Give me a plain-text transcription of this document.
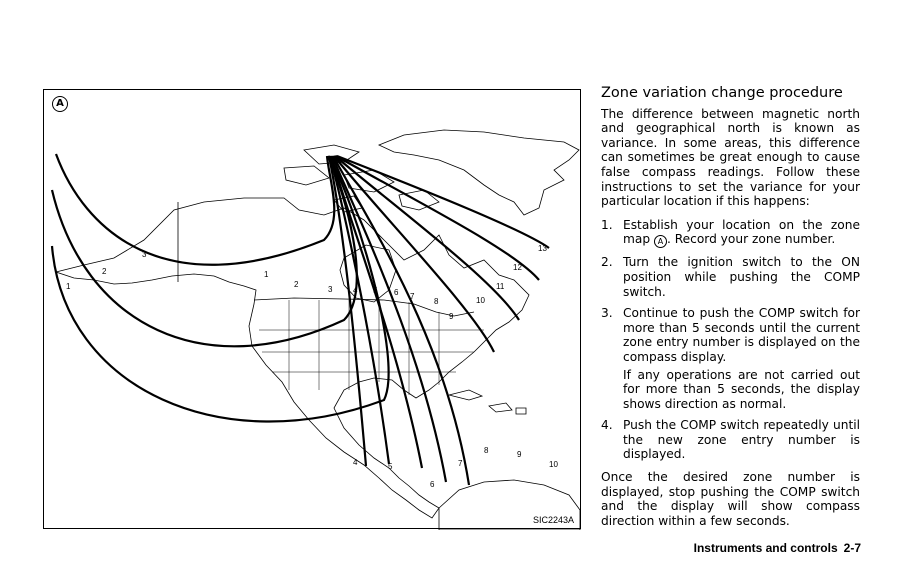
A
1
2
3
1
2
3	4 5 6 7
8
9
10
11
12
13
4	5
6
7
8	9
10
SIC2243A
Zone variation change procedure

The difference between magnetic north and geographical north is known as variance. In some areas, this difference can sometimes be great enough to cause false compass readings. Follow these instructions to set the variance for your particular location if this happens:

1. Establish your location on the zone map A . Record your zone number.
2. Turn the ignition switch to the ON position while pushing the COMP switch.
3. Continue to push the COMP switch for more than 5 seconds until the current zone entry number is displayed on the compass display.

If any operations are not carried out for more than 5 seconds, the display shows direction as normal.

4. Push the COMP switch repeatedly until the new zone entry number is displayed.

Once the desired zone number is displayed, stop pushing the COMP switch and the display will show compass direction within a few seconds.

Instruments and controls 2-7
